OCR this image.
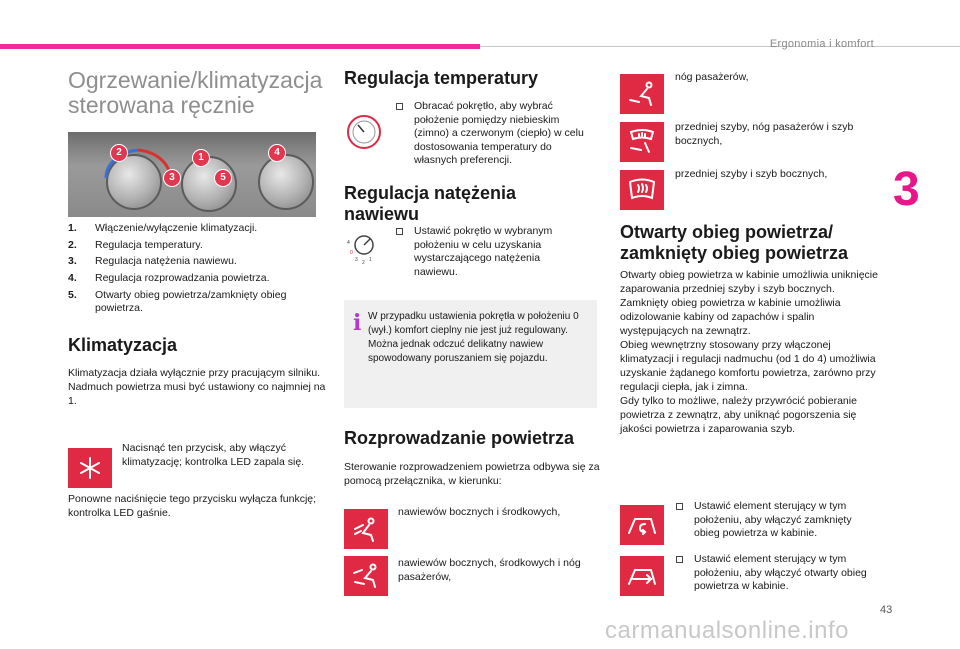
Ergonomia i komfort
3
43
carmanualsonline.info
Ogrzewanie/klimatyzacja sterowana ręcznie
2	1	4
3	5
1.	Włączenie/wyłączenie klimatyzacji.
2.	Regulacja temperatury.
3.	Regulacja natężenia nawiewu.
4.	Regulacja rozprowadzania powietrza.
5.	Otwarty obieg powietrza/zamknięty obieg powietrza.
Klimatyzacja
Klimatyzacja działa wyłącznie przy pracującym silniku.
Nadmuch powietrza musi być ustawiony co najmniej na 1.
Nacisnąć ten przycisk, aby włączyć klimatyzację; kontrolka LED zapala się.
Ponowne naciśnięcie tego przycisku wyłącza funkcję; kontrolka LED gaśnie.
Regulacja temperatury
Obracać pokrętło, aby wybrać położenie pomiędzy niebieskim (zimno) a czerwonym (ciepło) w celu dostosowania temperatury do własnych preferencji.
Regulacja natężenia nawiewu
0
3 2 1
4
Ustawić pokrętło w wybranym położeniu w celu uzyskania wystarczającego natężenia nawiewu.
i W przypadku ustawienia pokrętła w położeniu 0 (wył.) komfort cieplny nie jest już regulowany. Można jednak odczuć delikatny nawiew spowodowany poruszaniem się pojazdu.
Rozprowadzanie powietrza
Sterowanie rozprowadzeniem powietrza odbywa się za pomocą przełącznika, w kierunku:
nawiewów bocznych i środkowych,
nawiewów bocznych, środkowych i nóg pasażerów,
nóg pasażerów,
przedniej szyby, nóg pasażerów i szyb bocznych,
przedniej szyby i szyb bocznych,
Otwarty obieg powietrza/ zamknięty obieg powietrza
Otwarty obieg powietrza w kabinie umożliwia uniknięcie zaparowania przedniej szyby i szyb bocznych.
Zamknięty obieg powietrza w kabinie umożliwia odizolowanie kabiny od zapachów i spalin występujących na zewnątrz.
Obieg wewnętrzny stosowany przy włączonej klimatyzacji i regulacji nadmuchu (od 1 do 4) umożliwia uzyskanie żądanego komfortu powietrza, zarówno przy regulacji ciepła, jak i zimna.
Gdy tylko to możliwe, należy przywrócić pobieranie powietrza z zewnątrz, aby uniknąć pogorszenia się jakości powietrza i zaparowania szyb.
Ustawić element sterujący w tym położeniu, aby włączyć zamknięty obieg powietrza w kabinie.
Ustawić element sterujący w tym położeniu, aby włączyć otwarty obieg powietrza w kabinie.
